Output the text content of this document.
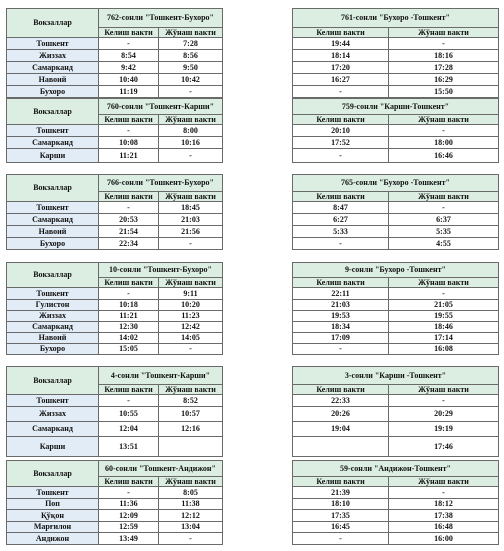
Вокзаллар	762-сонли "Тошкент-Бухоро"	
	Келиш вакти	Жўнаш вакти
Тошкент	-	7:28
Жиззах	8:54	8:56
Самарканд	9:42	9:50
Навоий	10:40	10:42
Бухоро	11:19	-
761-сонли "Бухоро -Тошкент"	
Келиш вакти	Жўнаш вакти
19:44	-
18:14	18:16
17:20	17:28
16:27	16:29
-	15:50
Вокзаллар	760-сонли "Тошкент-Карши"	
	Келиш вакти	Жўнаш вакти
Тошкент	-	8:00
Самарканд	10:08	10:16
Карши	11:21	-
759-сонли "Карши-Тошкент"	
Келиш вакти	Жўнаш вакти
20:10	-
17:52	18:00
-	16:46
Вокзаллар	766-сонли "Тошкент-Бухоро"	
	Келиш вакти	Жўнаш вакти
Тошкент	-	18:45
Самарканд	20:53	21:03
Навоий	21:54	21:56
Бухоро	22:34	-
765-сонли "Бухоро -Тошкент"	
Келиш вакти	Жўнаш вакти
8:47	-
6:27	6:37
5:33	5:35
-	4:55
Вокзаллар	10-сонли "Тошкент-Бухоро"	
	Келиш вакти	Жўнаш вакти
Тошкент	-	9:11
Гулистон	10:18	10:20
Жиззах	11:21	11:23
Самарканд	12:30	12:42
Навоий	14:02	14:05
Бухоро	15:05	-
9-сонли "Бухоро -Тошкент"	
Келиш вакти	Жўнаш вакти
22:11	-
21:03	21:05
19:53	19:55
18:34	18:46
17:09	17:14
-	16:08
Вокзаллар	4-сонли "Тошкент-Карши"	
	Келиш вакти	Жўнаш вакти
Тошкент	-	8:52
Жиззах	10:55	10:57
Самарканд	12:04	12:16
Карши	13:51	
3-сонли "Карши -Тошкент"	
Келиш вакти	Жўнаш вакти
22:33	-
20:26	20:29
19:04	19:19
	17:46
Вокзаллар	60-сонли "Тошкент-Андижон"	
	Келиш вакти	Жўнаш вакти
Тошкент	-	8:05
Поп	11:36	11:38
Қўқон	12:09	12:12
Марғилон	12:59	13:04
Андижон	13:49	-
59-сонли "Андижон-Тошкент"	
Келиш вакти	Жўнаш вакти
21:39	-
18:10	18:12
17:35	17:38
16:45	16:48
-	16:00
